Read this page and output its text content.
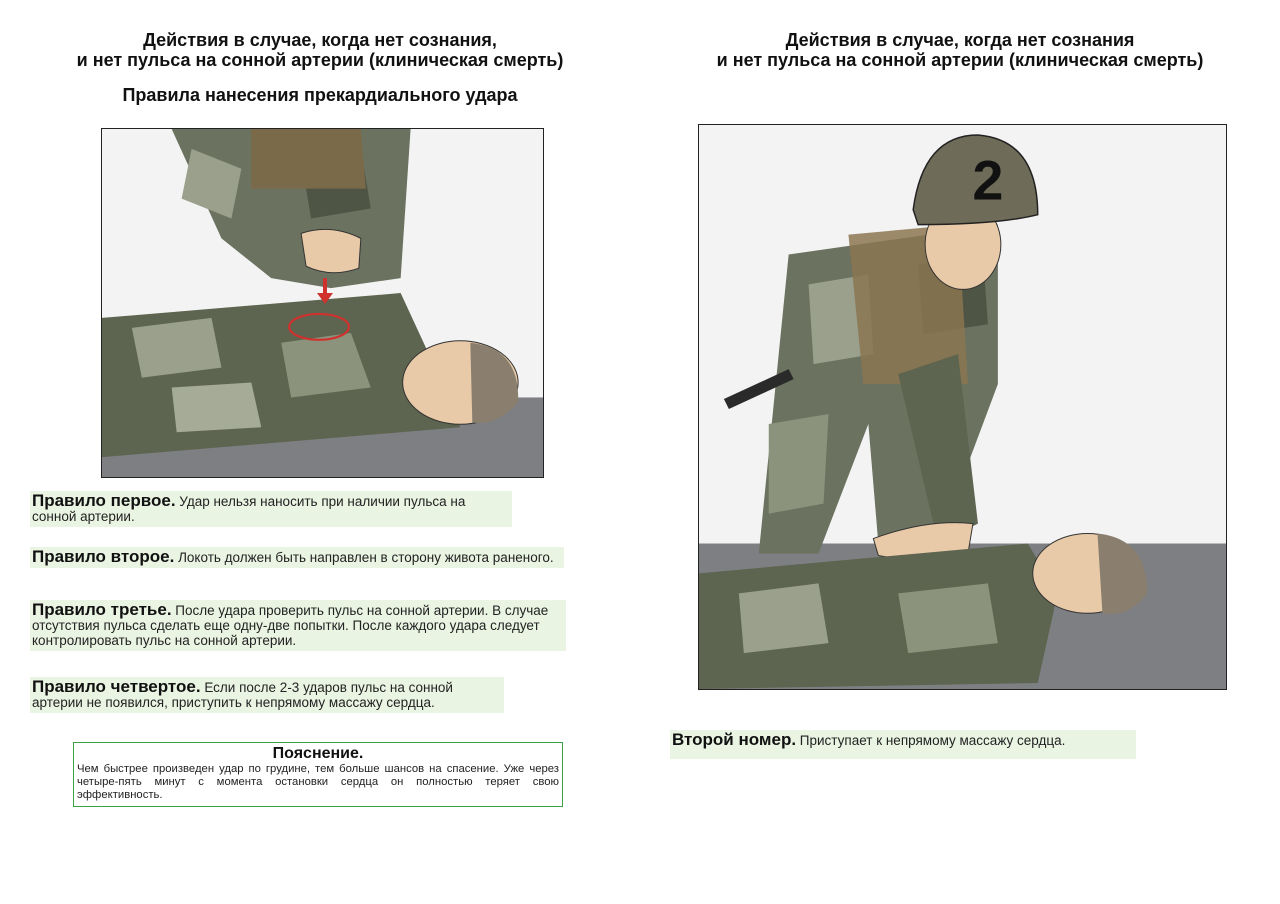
Действия в случае, когда нет сознания,
и нет пульса на сонной артерии (клиническая смерть)
Правила нанесения прекардиального удара
Правило первое. Удар нельзя наносить при наличии пульса на сонной артерии.
Правило второе. Локоть должен быть направлен в сторону живота раненого.
Правило третье. После удара проверить пульс на сонной артерии. В случае отсутствия пульса сделать еще одну-две попытки. После каждого удара следует контролировать пульс на сонной артерии.
Правило четвертое. Если после 2-3 ударов пульс на сонной артерии не появился, приступить к непрямому массажу сердца.
Пояснение.
Чем быстрее произведен удар по грудине, тем больше шансов на спасение. Уже через четыре-пять минут с момента остановки сердца он полностью теряет свою эффективность.
Действия в случае, когда нет сознания
и нет пульса на сонной артерии (клиническая смерть)
2
Второй номер. Приступает к непрямому массажу сердца.
